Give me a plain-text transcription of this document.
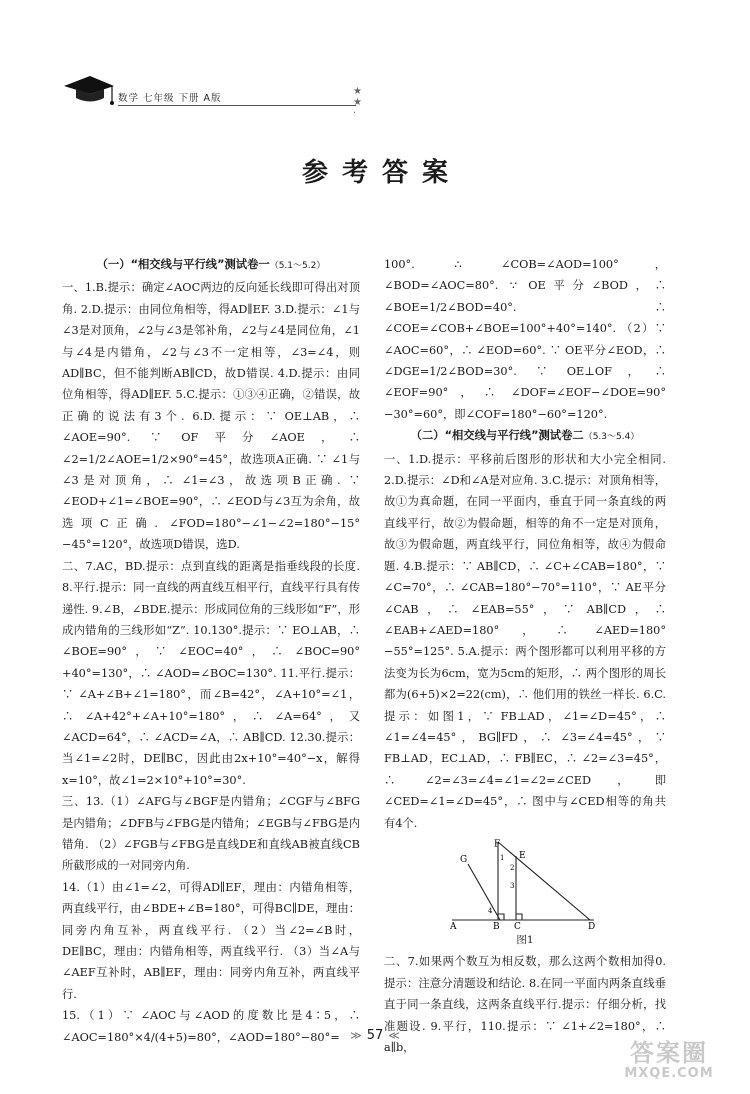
数学 七年级 下册 A版
★ ★ ·
参考答案

（一）“相交线与平行线”测试卷一（5.1～5.2）

一、1.B.提示：确定∠AOC两边的反向延长线即可得出对顶角. 2.D.提示：由同位角相等，得AD∥EF. 3.D.提示：∠1与∠3是对顶角，∠2与∠3是邻补角，∠2与∠4是同位角，∠1与∠4是内错角，∠2与∠3不一定相等，∠3=∠4，则AD∥BC，但不能判断AB∥CD，故D错误. 4.D.提示：由同位角相等，得AD∥EF. 5.C.提示：①③④正确，②错误，故正确的说法有3个. 6.D.提示：∵ OE⊥AB，∴ ∠AOE=90°. ∵ OF平分∠AOE，∴ ∠2=1/2∠AOE=1/2×90°=45°，故选项A正确. ∵ ∠1与∠3是对顶角，∴ ∠1=∠3，故选项B正确. ∵ ∠EOD+∠1=∠BOE=90°，∴ ∠EOD与∠3互为余角，故选项C正确. ∠FOD=180°−∠1−∠2=180°−15°−45°=120°，故选项D错误，选D.

二、7.AC，BD.提示：点到直线的距离是指垂线段的长度. 8.平行.提示：同一直线的两直线互相平行，直线平行具有传递性. 9.∠B，∠BDE.提示：形成同位角的三线形如“F”，形成内错角的三线形如“Z”. 10.130°.提示：∵ EO⊥AB，∴ ∠BOE=90°，∵ ∠EOC=40°，∴ ∠BOC=90°+40°=130°，∴ ∠AOD=∠BOC=130°. 11.平行.提示：∵ ∠A+∠B+∠1=180°，而∠B=42°，∠A+10°=∠1，∴ ∠A+42°+∠A+10°=180°，∴ ∠A=64°，又∠ACD=64°，∴ ∠ACD=∠A，∴ AB∥CD. 12.30.提示：当∠1=∠2时，DE∥BC，因此由2x+10°=40°−x，解得x=10°，故∠1=2×10°+10°=30°.

三、13.（1）∠AFG与∠BGF是内错角；∠CGF与∠BFG是内错角；∠DFB与∠FBG是内错角；∠EGB与∠FBG是内错角. （2）∠FGB与∠FBG是直线DE和直线AB被直线CB所截形成的一对同旁内角.

14.（1）由∠1=∠2，可得AD∥EF，理由：内错角相等，两直线平行，由∠BDE+∠B=180°，可得BC∥DE，理由：同旁内角互补，两直线平行. （2）当∠2=∠B时，DE∥BC，理由：内错角相等，两直线平行. （3）当∠A与∠AEF互补时，AB∥EF，理由：同旁内角互补，两直线平行.

15.（1）∵ ∠AOC与∠AOD的度数比是4∶5，∴ ∠AOC=180°×4/(4+5)=80°，∠AOD=180°−80°=

100°. ∴ ∠COB=∠AOD=100°，∠BOD=∠AOC=80°. ∵ OE平分∠BOD，∴ ∠BOE=1/2∠BOD=40°. ∴ ∠COE=∠COB+∠BOE=100°+40°=140°. （2）∵ ∠AOC=60°，∴ ∠EOD=60°. ∵ OE平分∠EOD，∴ ∠DGE=1/2∠BOD=30°. ∵ OE⊥OF，∴ ∠EOF=90°，∴ ∠DOF=∠EOF−∠DOE=90°−30°=60°，即∠COF=180°−60°=120°.

（二）“相交线与平行线”测试卷二（5.3～5.4）

一、1.D.提示：平移前后图形的形状和大小完全相同. 2.D.提示：∠D和∠A是对应角. 3.C.提示：对顶角相等，故①为真命题，在同一平面内，垂直于同一条直线的两直线平行，故②为假命题，相等的角不一定是对顶角，故③为假命题，两直线平行，同位角相等，故④为假命题. 4.B.提示：∵ AB∥CD，∴ ∠C+∠CAB=180°，∵ ∠C=70°，∴ ∠CAB=180°−70°=110°，∵ AE平分∠CAB，∴ ∠EAB=55°，∵ AB∥CD，∴ ∠EAB+∠AED=180°，∴ ∠AED=180°−55°=125°. 5.A.提示：两个图形都可以利用平移的方法变为长为6cm，宽为5cm的矩形，∴ 两个图形的周长都为(6+5)×2=22(cm)，∴ 他们用的铁丝一样长. 6.C.提示：如图1，∵ FB⊥AD，∠1=∠D=45°，∴ ∠1=∠4=45°，BG∥FD，∴ ∠3=∠4=45°，∵ FB⊥AD，EC⊥AD，∴ FB∥EC，∴ ∠2=∠3=45°，∴ ∠2=∠3=∠4=∠1=∠2=∠CED，即∠CED=∠1=∠D=45°，∴ 图中与∠CED相等的角共有4个.

G
F
E
4
1
2
3
A	B C	D

图1

二、7.如果两个数互为相反数，那么这两个数相加得0. 提示：注意分清题设和结论. 8.在同一平面内两条直线垂直于同一条直线，这两条直线平行.提示：仔细分析，找准题设. 9.平行，110.提示：∵ ∠1+∠2=180°，∴ a∥b，

≫ 57 ≪
答案圈
MXQE.COM
